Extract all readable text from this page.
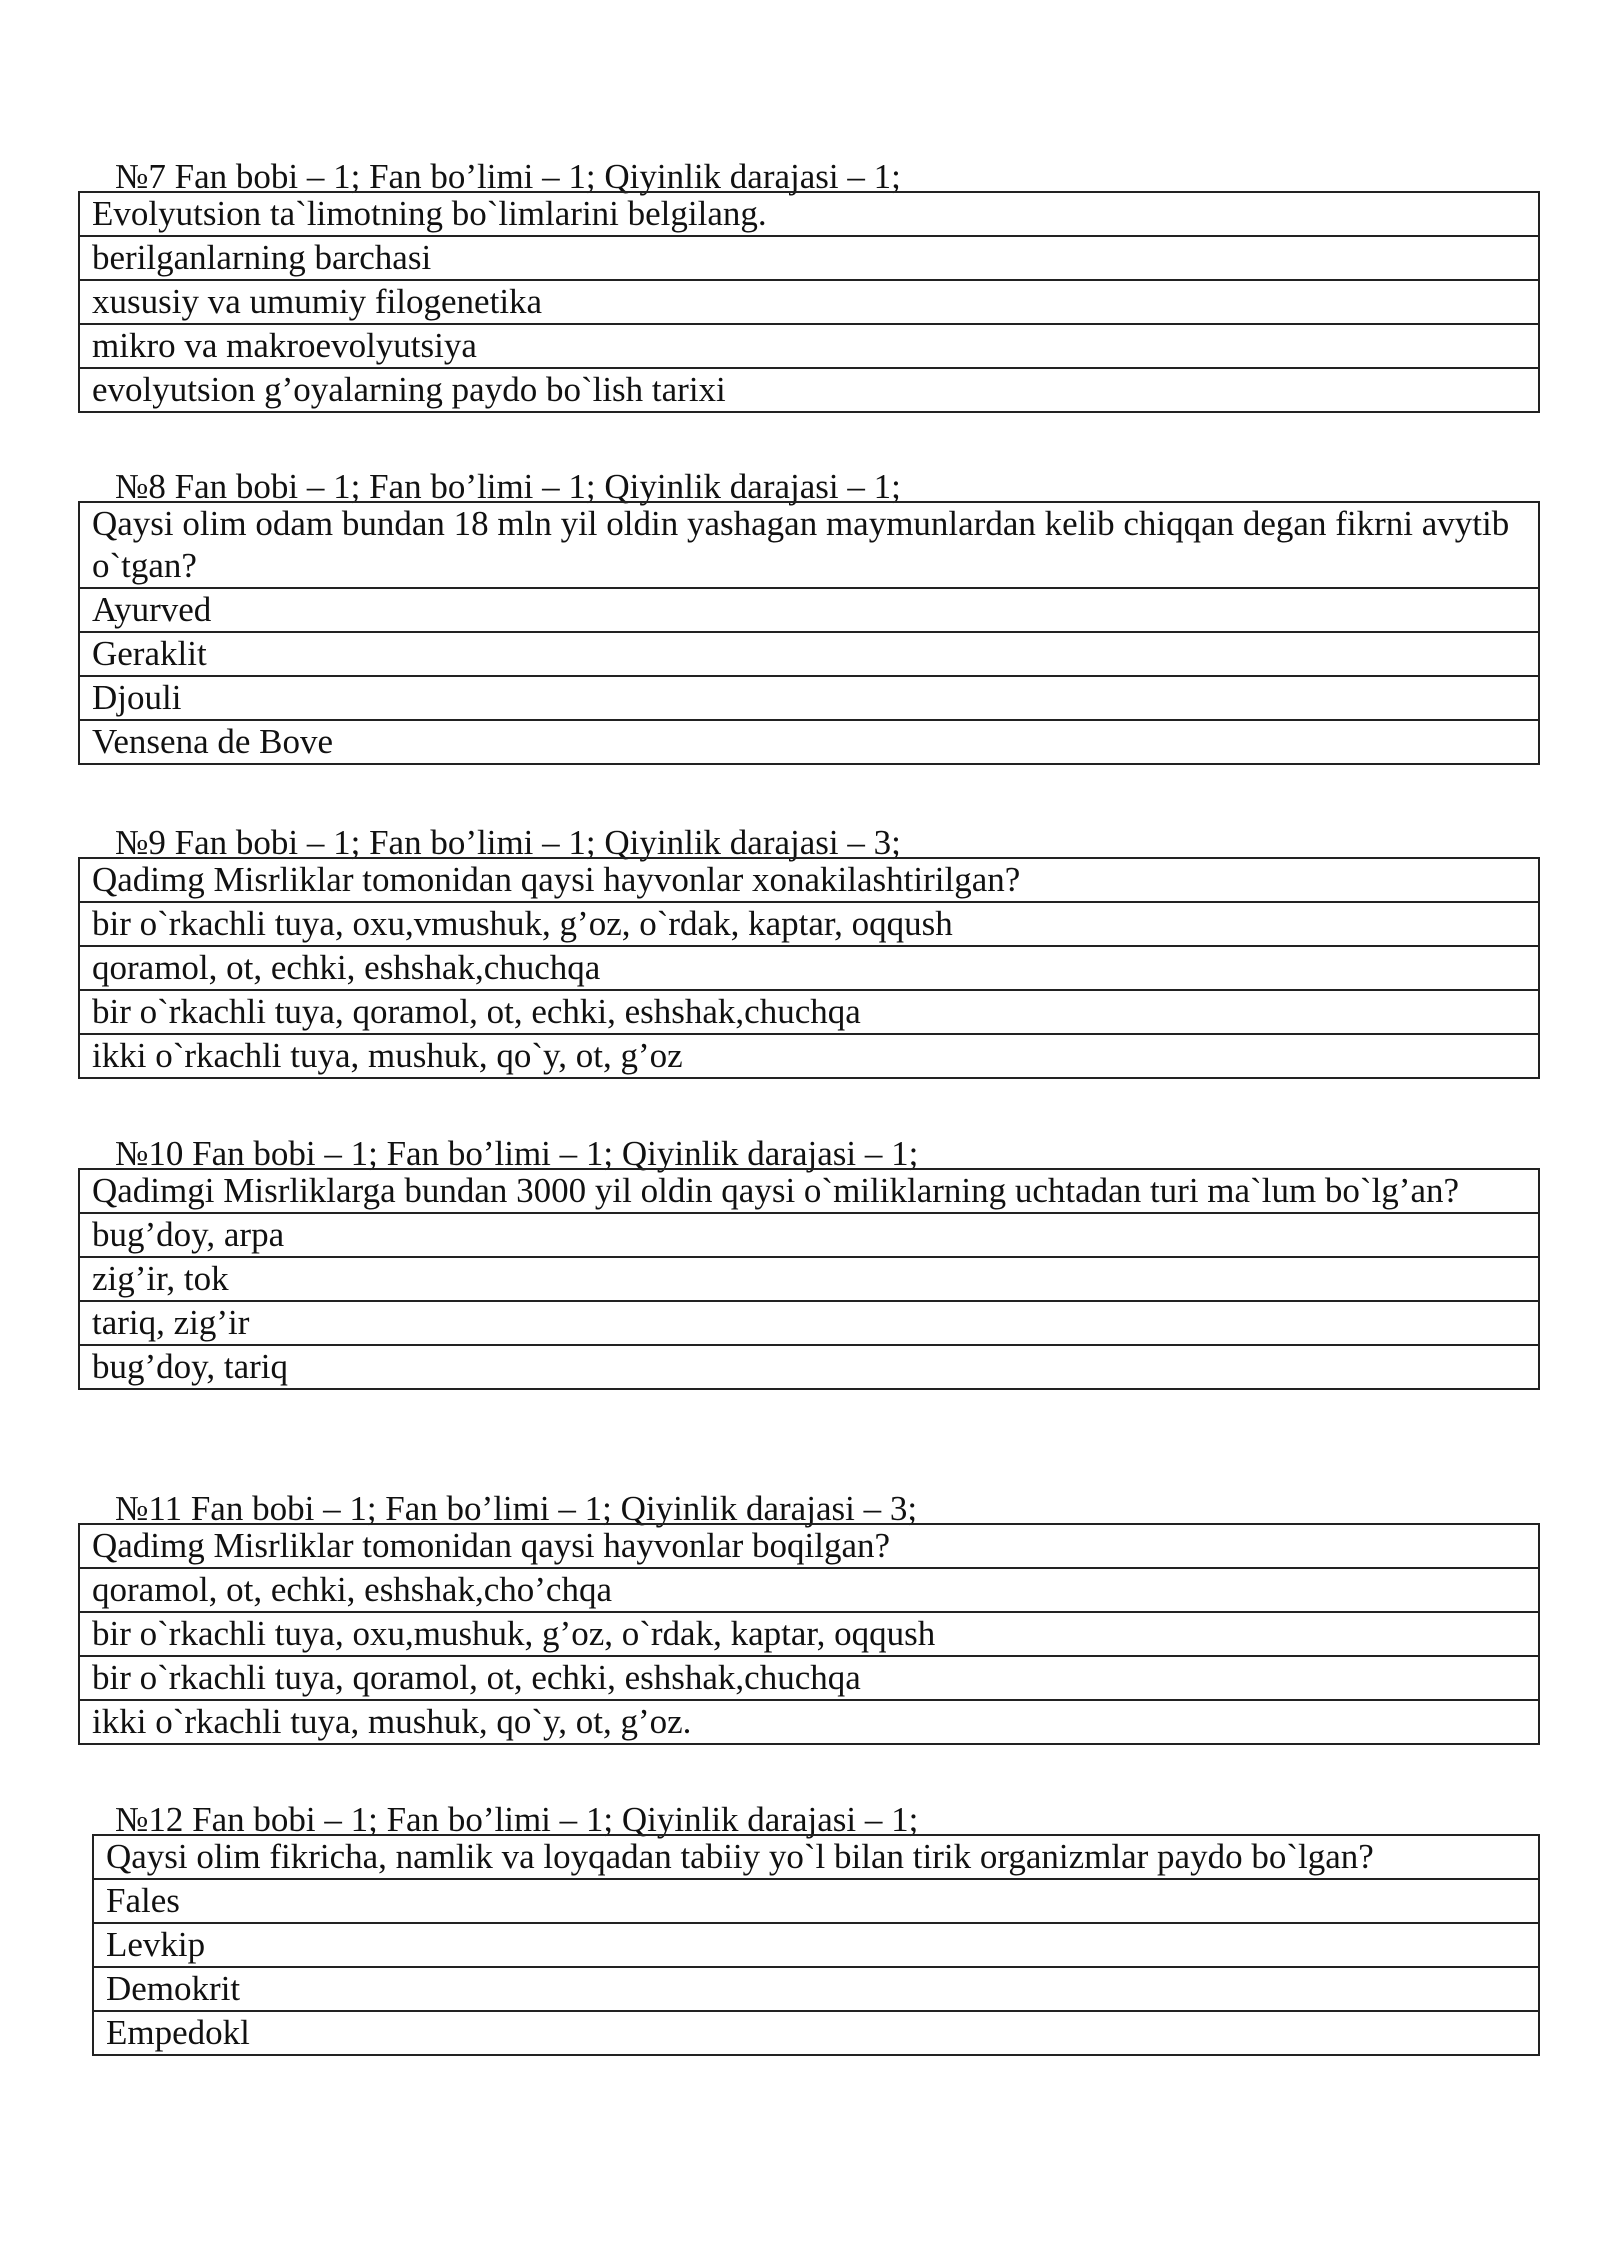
№7 Fan bobi – 1; Fan bo’limi – 1; Qiyinlik darajasi – 1;
Evolyutsion ta`limotning bo`limlarini belgilang.
berilganlarning barchasi
xususiy va umumiy filogenetika
mikro va makroevolyutsiya
evolyutsion g’oyalarning paydo bo`lish tarixi
№8 Fan bobi – 1; Fan bo’limi – 1; Qiyinlik darajasi – 1;
Qaysi olim odam bundan 18 mln yil oldin yashagan maymunlardan kelib chiqqan degan fikrni avytib o`tgan?
Ayurved
Geraklit
Djouli
Vensena de Bove
№9 Fan bobi – 1; Fan bo’limi – 1; Qiyinlik darajasi – 3;
Qadimg Misrliklar tomonidan qaysi hayvonlar xonakilashtirilgan?
bir o`rkachli tuya, oxu,vmushuk, g’oz, o`rdak, kaptar, oqqush
qoramol, ot, echki, eshshak,chuchqa
bir o`rkachli tuya, qoramol, ot, echki, eshshak,chuchqa
ikki o`rkachli tuya, mushuk, qo`y, ot, g’oz
№10 Fan bobi – 1; Fan bo’limi – 1; Qiyinlik darajasi – 1;
Qadimgi Misrliklarga bundan 3000 yil oldin qaysi o`miliklarning uchtadan turi ma`lum bo`lg’an?
bug’doy, arpa
zig’ir, tok
tariq, zig’ir
bug’doy, tariq
№11 Fan bobi – 1; Fan bo’limi – 1; Qiyinlik darajasi – 3;
Qadimg Misrliklar tomonidan qaysi hayvonlar boqilgan?
qoramol, ot, echki, eshshak,cho’chqa
bir o`rkachli tuya, oxu,mushuk, g’oz, o`rdak, kaptar, oqqush
bir o`rkachli tuya, qoramol, ot, echki, eshshak,chuchqa
ikki o`rkachli tuya, mushuk, qo`y, ot, g’oz.
№12 Fan bobi – 1; Fan bo’limi – 1; Qiyinlik darajasi – 1;
Qaysi olim fikricha, namlik va loyqadan tabiiy yo`l bilan tirik organizmlar paydo bo`lgan?
Fales
Levkip
Demokrit
Empedokl
